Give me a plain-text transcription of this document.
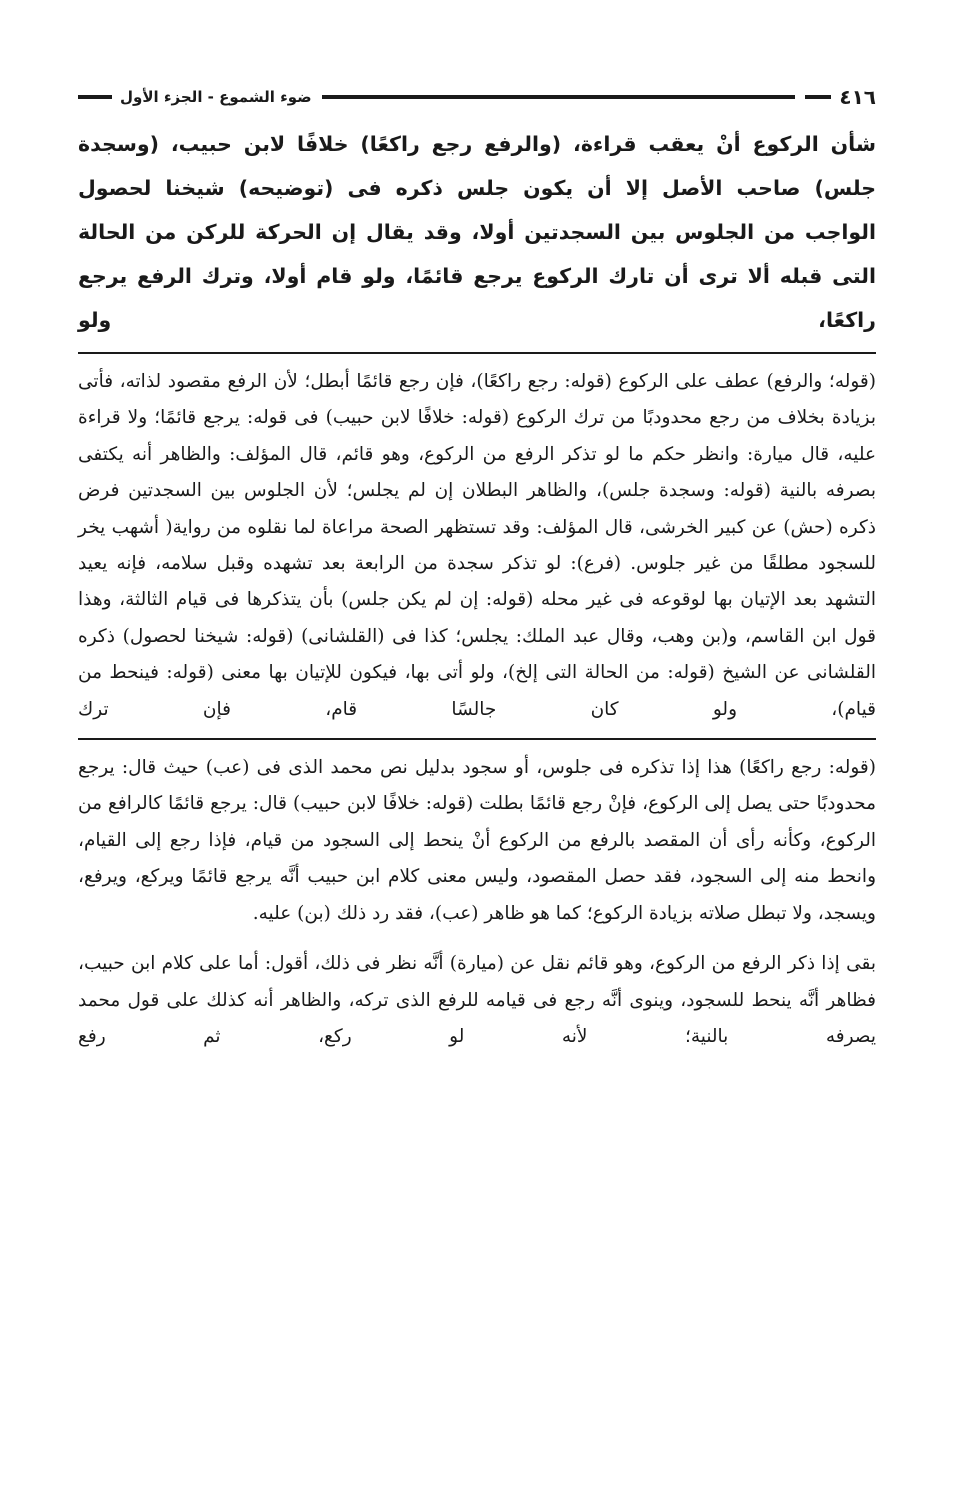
٤١٦
ضوء الشموع - الجزء الأول

شأن الركوع أنْ يعقب قراءة، (والرفع رجع راكعًا) خلافًا لابن حبيب، (وسجدة جلس) صاحب الأصل إلا أن يكون جلس ذكره فى (توضيحه) شيخنا لحصول الواجب من الجلوس بين السجدتين أولا، وقد يقال إن الحركة للركن من الحالة التى قبله ألا ترى أن تارك الركوع يرجع قائمًا، ولو قام أولا، وترك الرفع يرجع راكعًا، ولو

(قوله؛ والرفع) عطف على الركوع (قوله: رجع راكعًا)، فإن رجع قائمًا أبطل؛ لأن الرفع مقصود لذاته، فأتى بزيادة بخلاف من رجع محدودبًا من ترك الركوع (قوله: خلافًا لابن حبيب) فى قوله: يرجع قائمًا؛ ولا قراءة عليه، قال ميارة: وانظر حكم ما لو تذكر الرفع من الركوع، وهو قائم، قال المؤلف: والظاهر أنه يكتفى بصرفه بالنية (قوله: وسجدة جلس)، والظاهر البطلان إن لم يجلس؛ لأن الجلوس بين السجدتين فرض ذكره (حش) عن كبير الخرشى، قال المؤلف: وقد تستظهر الصحة مراعاة لما نقلوه من رواية( أشهب يخر للسجود مطلقًا من غير جلوس. (فرع): لو تذكر سجدة من الرابعة بعد تشهده وقبل سلامه، فإنه يعيد التشهد بعد الإتيان بها لوقوعه فى غير محله (قوله: إن لم يكن جلس) بأن يتذكرها فى قيام الثالثة، وهذا قول ابن القاسم، و(بن وهب، وقال عبد الملك: يجلس؛ كذا فى (القلشانى) (قوله: شيخنا لحصول) ذكره القلشانى عن الشيخ (قوله: من الحالة التى إلخ)، ولو أتى بها، فيكون للإتيان بها معنى (قوله: فينحط من قيام)، ولو كان جالسًا قام، فإن ترك

(قوله: رجع راكعًا) هذا إذا تذكره فى جلوس، أو سجود بدليل نص محمد الذى فى (عب) حيث قال: يرجع محدودبًا حتى يصل إلى الركوع، فإنْ رجع قائمًا بطلت (قوله: خلافًا لابن حبيب) قال: يرجع قائمًا كالرافع من الركوع، وكأنه رأى أن المقصد بالرفع من الركوع أنْ ينحط إلى السجود من قيام، فإذا رجع إلى القيام، وانحط منه إلى السجود، فقد حصل المقصود، وليس معنى كلام ابن حبيب أنَّه يرجع قائمًا ويركع، ويرفع، ويسجد، ولا تبطل صلاته بزيادة الركوع؛ كما هو ظاهر (عب)، فقد رد ذلك (بن) عليه.

بقى إذا ذكر الرفع من الركوع، وهو قائم نقل عن (ميارة) أنَّه نظر فى ذلك، أقول: أما على كلام ابن حبيب، فظاهر أنَّه ينحط للسجود، وينوى أنَّه رجع فى قيامه للرفع الذى تركه، والظاهر أنه كذلك على قول محمد يصرفه بالنية؛ لأنه لو ركع، ثم رفع
